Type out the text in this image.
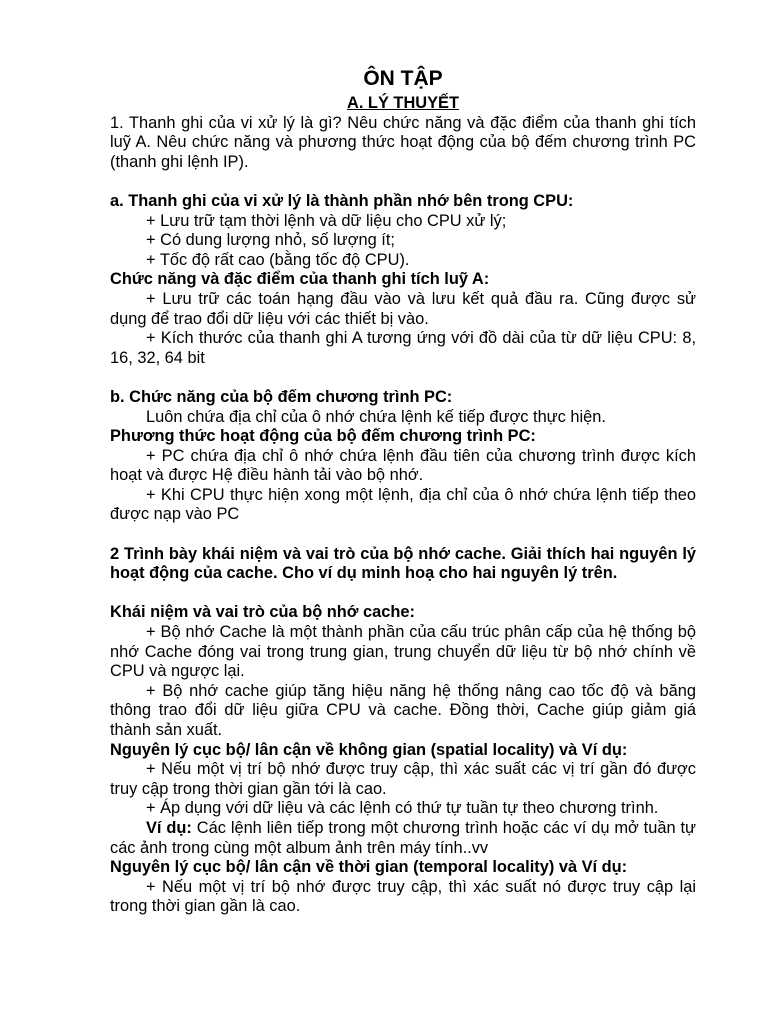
ÔN TẬP

A. LÝ THUYẾT

1. Thanh ghi của vi xử lý là gì? Nêu chức năng và đặc điểm của thanh ghi tích luỹ A. Nêu chức năng và phương thức hoạt động của bộ đếm chương trình PC (thanh ghi lệnh IP).

a. Thanh ghi của vi xử lý là thành phần nhớ bên trong CPU:

+ Lưu trữ tạm thời lệnh và dữ liệu cho CPU xử lý;

+ Có dung lượng nhỏ, số lượng ít;

+ Tốc độ rất cao (bằng tốc độ CPU).

Chức năng và đặc điểm của thanh ghi tích luỹ A:

+ Lưu trữ các toán hạng đầu vào và lưu kết quả đầu ra. Cũng được sử dụng để trao đổi dữ liệu với các thiết bị vào.

+ Kích thước của thanh ghi A tương ứng với đồ dài của từ dữ liệu CPU: 8, 16, 32, 64 bit

b. Chức năng của bộ đếm chương trình PC:

Luôn chứa địa chỉ của ô nhớ chứa lệnh kế tiếp được thực hiện.

Phương thức hoạt động của bộ đếm chương trình PC:

+ PC chứa địa chỉ ô nhớ chứa lệnh đầu tiên của chương trình được kích hoạt và được Hệ điều hành tải vào bộ nhớ.

+ Khi CPU thực hiện xong một lệnh, địa chỉ của ô nhớ chứa lệnh tiếp theo được nạp vào PC

2 Trình bày khái niệm và vai trò của bộ nhớ cache. Giải thích hai nguyên lý hoạt động của cache. Cho ví dụ minh hoạ cho hai nguyên lý trên.

Khái niệm và vai trò của bộ nhớ cache:

+ Bộ nhớ Cache là một thành phần của cấu trúc phân cấp của hệ thống bộ nhớ Cache đóng vai trong trung gian, trung chuyển dữ liệu từ bộ nhớ chính về CPU và ngược lại.

+ Bộ nhớ cache giúp tăng hiệu năng hệ thống nâng cao tốc độ và băng thông trao đổi dữ liệu giữa CPU và cache. Đồng thời, Cache giúp giảm giá thành sản xuất.

Nguyên lý cục bộ/ lân cận về không gian (spatial locality) và Ví dụ:

+ Nếu một vị trí bộ nhớ được truy cập, thì xác suất các vị trí gần đó được truy cập trong thời gian gần tới là cao.

+ Áp dụng với dữ liệu và các lệnh có thứ tự tuần tự theo chương trình.

Ví dụ: Các lệnh liên tiếp trong một chương trình hoặc các ví dụ mở tuần tự các ảnh trong cùng một album ảnh trên máy tính..vv

Nguyên lý cục bộ/ lân cận về thời gian (temporal locality) và Ví dụ:

+ Nếu một vị trí bộ nhớ được truy cập, thì xác suất nó được truy cập lại trong thời gian gần là cao.
